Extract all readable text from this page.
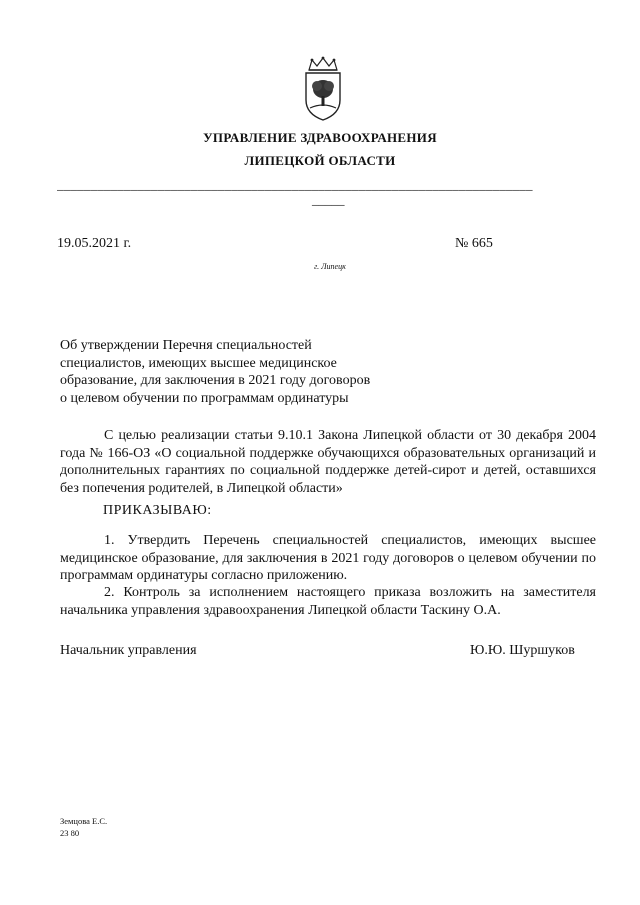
УПРАВЛЕНИЕ ЗДРАВООХРАНЕНИЯ
ЛИПЕЦКОЙ ОБЛАСТИ
_______________________________________________________________________
_____
19.05.2021 г.	№ 665
г. Липецк
Об утверждении Перечня специальностей специалистов, имеющих высшее медицинское образование, для заключения в 2021 году договоров о целевом обучении по программам ординатуры
С целью реализации статьи 9.10.1 Закона Липецкой области от 30 декабря 2004 года № 166-ОЗ «О социальной поддержке обучающихся образовательных организаций и дополнительных гарантиях по социальной поддержке детей-сирот и детей, оставшихся без попечения родителей, в Липецкой области»
ПРИКАЗЫВАЮ:
1. Утвердить Перечень специальностей специалистов, имеющих высшее медицинское образование, для заключения в 2021 году договоров о целевом обучении по программам ординатуры согласно приложению.
2. Контроль за исполнением настоящего приказа возложить на заместителя начальника управления здравоохранения Липецкой области Таскину О.А.
Начальник управления	Ю.Ю. Шуршуков
Земцова Е.С.
23 80
